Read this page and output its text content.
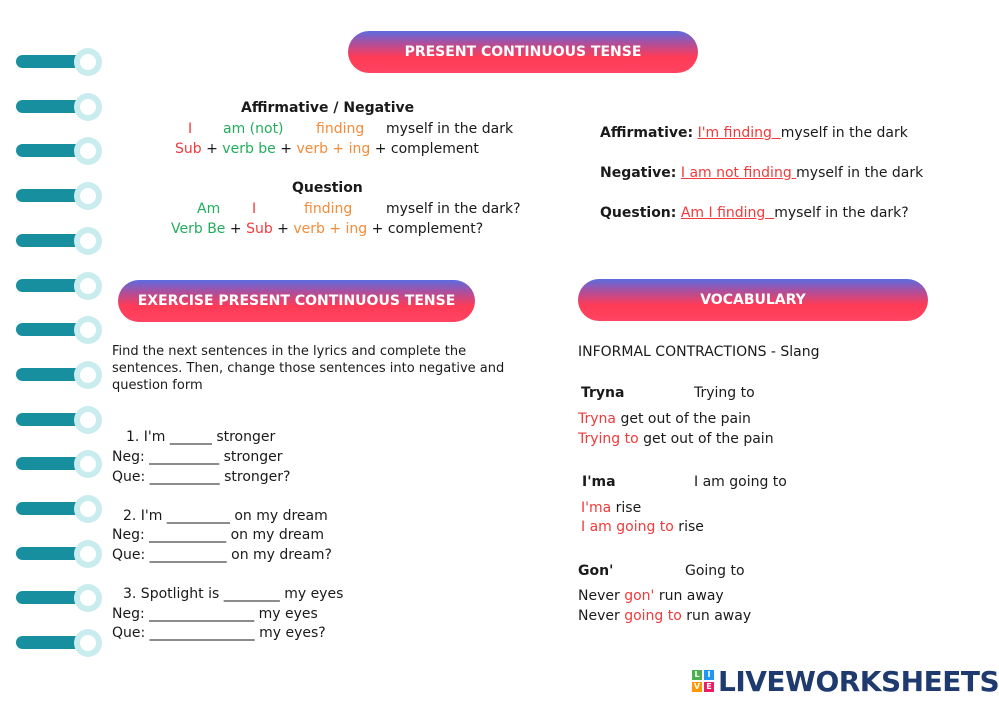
PRESENT CONTINUOUS TENSE
EXERCISE PRESENT CONTINUOUS TENSE	VOCABULARY
Affirmative / Negative
I am (not) finding myself in the dark
Sub + verb be + verb + ing + complement
Question
Am I	finding myself in the dark?
Verb Be + Sub + verb + ing + complement?
Affirmative: I'm finding  myself in the dark
Negative: I am not finding myself in the dark
Question: Am I finding  myself in the dark?
Find the next sentences in the lyrics and complete the
sentences. Then, change those sentences into negative and
question form
1. I'm ______ stronger
Neg: __________ stronger
Que: __________ stronger?
2. I'm _________ on my dream
Neg: ___________ on my dream
Que: ___________ on my dream?
3. Spotlight is ________ my eyes
Neg: _______________ my eyes
Que: _______________ my eyes?
INFORMAL CONTRACTIONS - Slang
Tryna	Trying to
Tryna get out of the pain
Trying to get out of the pain
I'ma	I am going to
I'ma rise
I am going to rise
Gon'	Going to
Never gon' run away
Never going to run away
L I
V E LIVEWORKSHEETS
